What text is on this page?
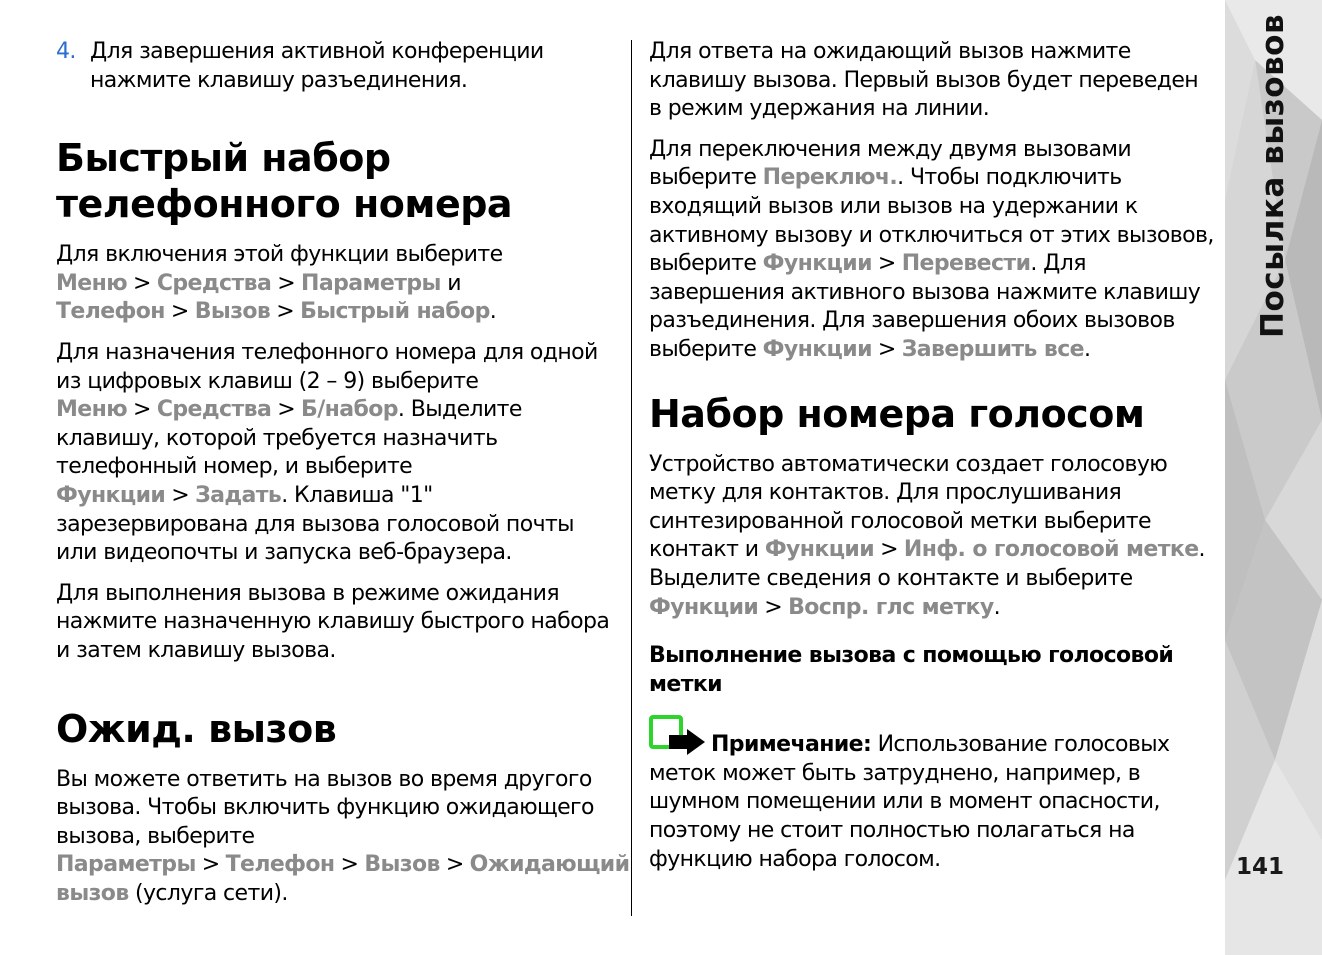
4. Для завершения активной конференции нажмите клавишу разъединения.
Быстрый набор телефонного номера

Для включения этой функции выберите Меню > Средства > Параметры и Телефон > Вызов > Быстрый набор.

Для назначения телефонного номера для одной из цифровых клавиш (2 – 9) выберите Меню > Средства > Б/набор. Выделите клавишу, которой требуется назначить телефонный номер, и выберите Функции > Задать. Клавиша "1" зарезервирована для вызова голосовой почты или видеопочты и запуска веб-браузера.

Для выполнения вызова в режиме ожидания нажмите назначенную клавишу быстрого набора и затем клавишу вызова.

Ожид. вызов

Вы можете ответить на вызов во время другого вызова. Чтобы включить функцию ожидающего вызова, выберите Параметры > Телефон > Вызов > Ожидающий вызов (услуга сети).

Для ответа на ожидающий вызов нажмите клавишу вызова. Первый вызов будет переведен в режим удержания на линии.

Для переключения между двумя вызовами выберите Переключ.. Чтобы подключить входящий вызов или вызов на удержании к активному вызову и отключиться от этих вызовов, выберите Функции > Перевести. Для завершения активного вызова нажмите клавишу разъединения. Для завершения обоих вызовов выберите Функции > Завершить все.

Набор номера голосом

Устройство автоматически создает голосовую метку для контактов. Для прослушивания синтезированной голосовой метки выберите контакт и Функции > Инф. о голосовой метке. Выделите сведения о контакте и выберите Функции > Воспр. глс метку.

Выполнение вызова с помощью голосовой метки

Примечание: Использование голосовых меток может быть затруднено, например, в шумном помещении или в момент опасности, поэтому не стоит полностью полагаться на функцию набора голосом.

Посылка вызовов
141
